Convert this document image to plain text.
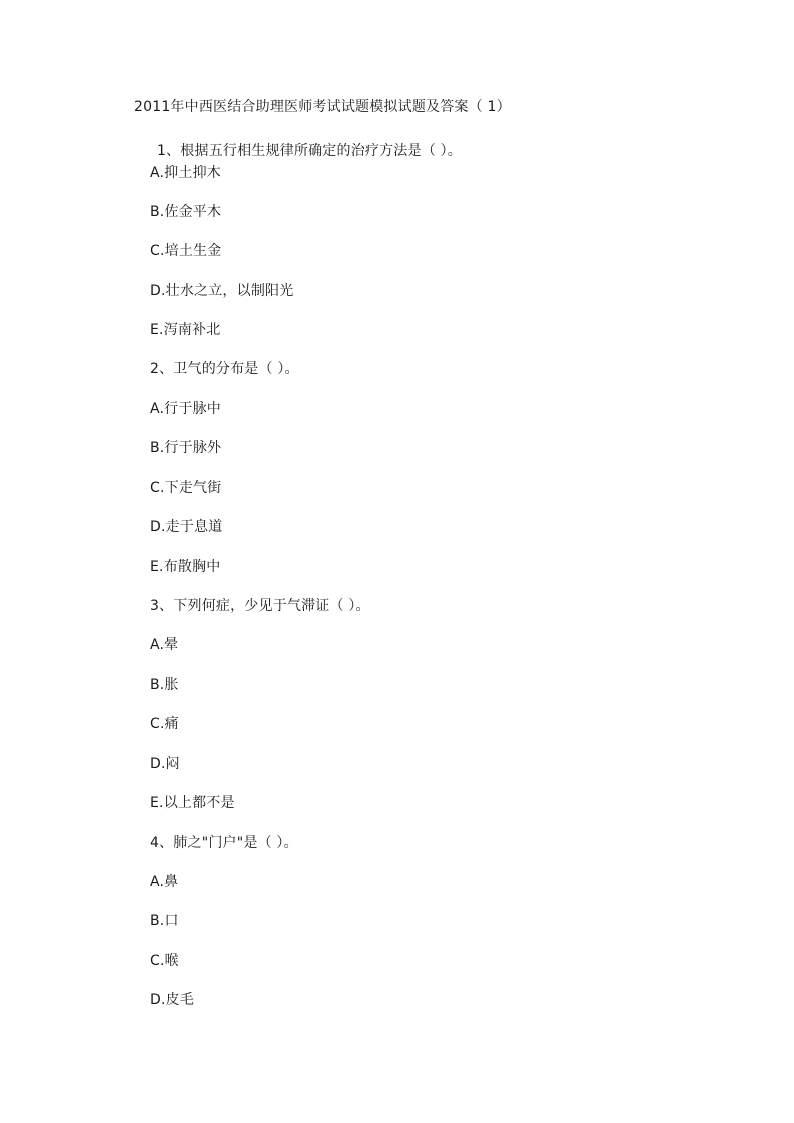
2011年中西医结合助理医师考试试题模拟试题及答案（ 1）
1、根据五行相生规律所确定的治疗方法是（ ）。
A.抑土抑木
B.佐金平木
C.培土生金
D.壮水之立，以制阳光
E.泻南补北
2、卫气的分布是（ ）。
A.行于脉中
B.行于脉外
C.下走气街
D.走于息道
E.布散胸中
3、下列何症，少见于气滞证（ ）。
A.晕
B.胀
C.痛
D.闷
E.以上都不是
4、肺之"门户"是（ ）。
A.鼻
B.口
C.喉
D.皮毛
